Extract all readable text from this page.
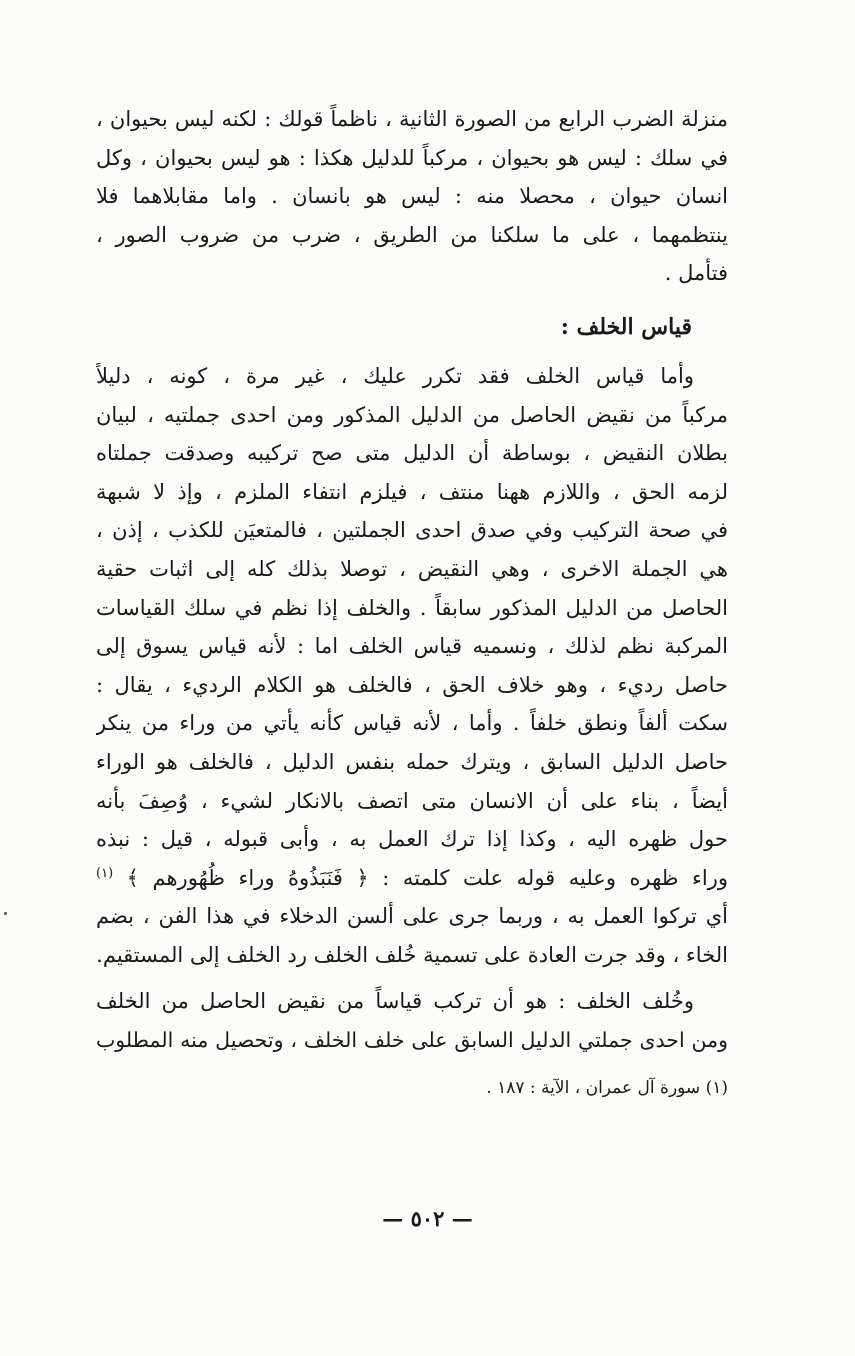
منزلة الضرب الرابع من الصورة الثانية ، ناظماً قولك : لكنه ليس بحيوان ،
في سلك : ليس هو بحيوان ، مركباً للدليل هكذا : هو ليس بحيوان ، وكل
انسان حيوان ، محصلا منه : ليس هو بانسان . واما مقابلاهما فلا
ينتظمهما ، على ما سلكنا من الطريق ، ضرب من ضروب الصور ،
فتأمل .

قياس الخلف :

وأما قياس الخلف فقد تكرر عليك ، غير مرة ، كونه ، دليلاً
مركباً من نقيض الحاصل من الدليل المذكور ومن احدى جملتيه ، لبيان
بطلان النقيض ، بوساطة أن الدليل متى صح تركيبه وصدقت جملتاه
لزمه الحق ، واللازم ههنا منتف ، فيلزم انتفاء الملزم ، وإذ لا شبهة
في صحة التركيب وفي صدق احدى الجملتين ، فالمتعيَن للكذب ، إذن ،
هي الجملة الاخرى ، وهي النقيض ، توصلا بذلك كله إلى اثبات حقية
الحاصل من الدليل المذكور سابقاً . والخلف إذا نظم في سلك القياسات
المركبة نظم لذلك ، ونسميه قياس الخلف اما : لأنه قياس يسوق إلى
حاصل رديء ، وهو خلاف الحق ، فالخلف هو الكلام الرديء ، يقال :
سكت ألفاً ونطق خلفاً . وأما ، لأنه قياس كأنه يأتي من وراء من ينكر
حاصل الدليل السابق ، ويترك حمله بنفس الدليل ، فالخلف هو الوراء
أيضاً ، بناء على أن الانسان متى اتصف بالانكار لشيء ، وُصِفَ بأنه
حول ظهره اليه ، وكذا إذا ترك العمل به ، وأبى قبوله ، قيل : نبذه
وراء ظهره وعليه قوله علت كلمته : ﴿ فَنَبَذُوهُ وراء ظُهُورهم ﴾ $^{(١)}$
أي تركوا العمل به ، وربما جرى على ألسن الدخلاء في هذا الفن ، بضم
الخاء ، وقد جرت العادة على تسمية خُلف الخلف رد الخلف إلى المستقيم.

وخُلف الخلف : هو أن تركب قياساً من نقيض الحاصل من الخلف
ومن احدى جملتي الدليل السابق على خلف الخلف ، وتحصيل منه المطلوب

(١) سورة آل عمران ، الآية : ١٨٧ .
— ٥٠٢ —
